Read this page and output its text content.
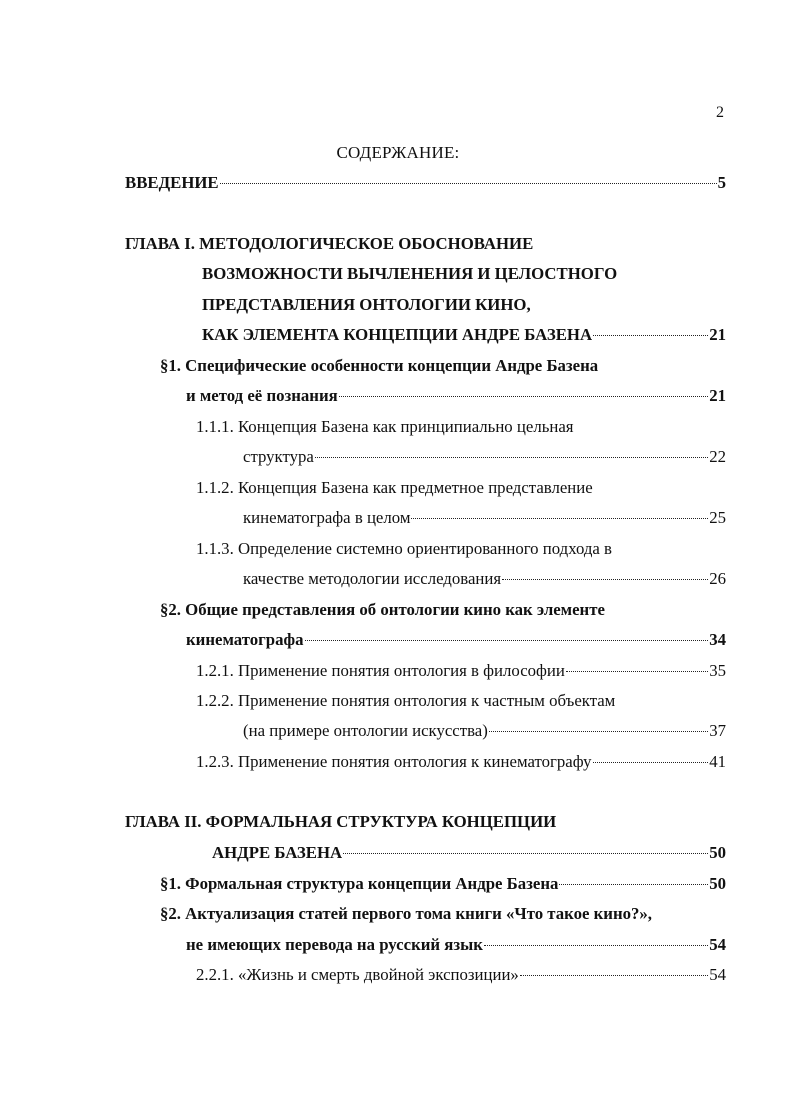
2
СОДЕРЖАНИЕ:
ВВЕДЕНИЕ	5
ГЛАВА I. МЕТОДОЛОГИЧЕСКОЕ ОБОСНОВАНИЕ
ВОЗМОЖНОСТИ ВЫЧЛЕНЕНИЯ И ЦЕЛОСТНОГО
ПРЕДСТАВЛЕНИЯ ОНТОЛОГИИ КИНО,
КАК ЭЛЕМЕНТА КОНЦЕПЦИИ АНДРЕ БАЗЕНА	21
§1. Специфические особенности концепции Андре Базена
и метод её познания	21
1.1.1. Концепция Базена как принципиально цельная
структура	22
1.1.2. Концепция Базена как предметное представление
кинематографа в целом	25
1.1.3. Определение системно ориентированного подхода в
качестве методологии исследования	26
§2. Общие представления об онтологии кино как элементе
кинематографа	34
1.2.1. Применение понятия онтология в философии	35
1.2.2. Применение понятия онтология к частным объектам
(на примере онтологии искусства)	37
1.2.3. Применение понятия онтология к кинематографу	41
ГЛАВА II. ФОРМАЛЬНАЯ СТРУКТУРА КОНЦЕПЦИИ
АНДРЕ БАЗЕНА	50
§1. Формальная структура концепции Андре Базена	50
§2. Актуализация статей первого тома книги «Что такое кино?»,
не имеющих перевода на русский язык	54
2.2.1. «Жизнь и смерть двойной экспозиции»	54
